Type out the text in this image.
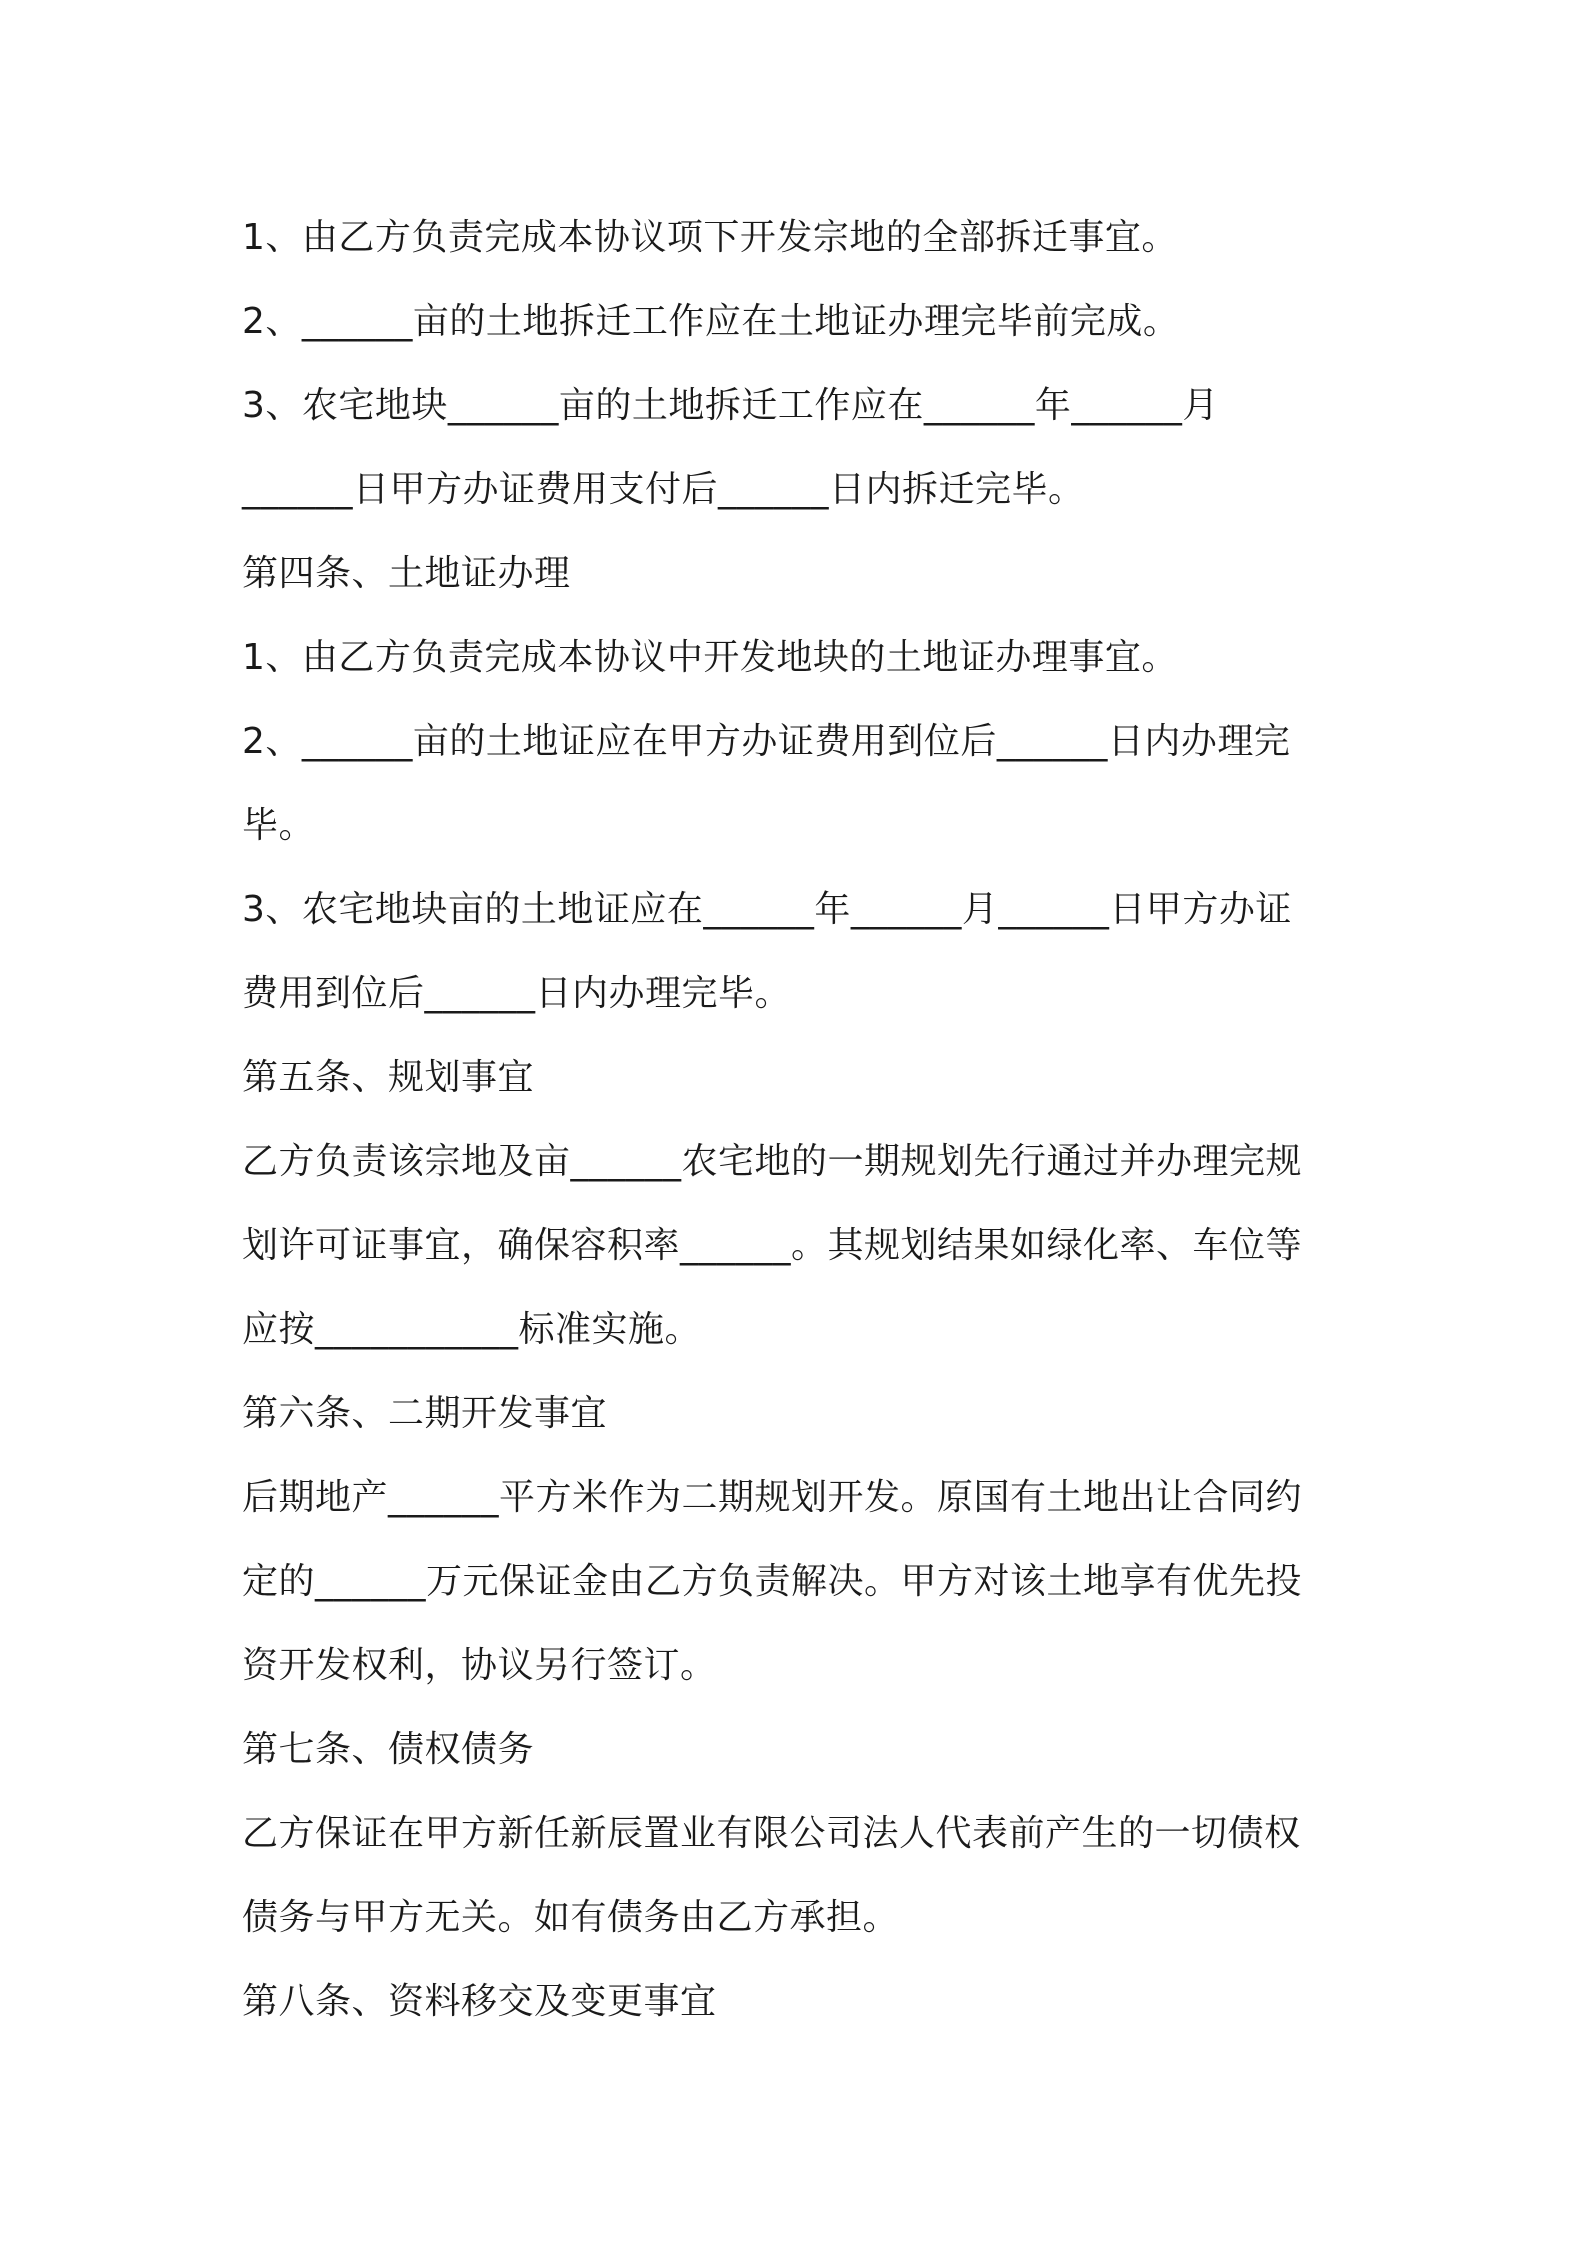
1、由乙方负责完成本协议项下开发宗地的全部拆迁事宜。
2、______亩的土地拆迁工作应在土地证办理完毕前完成。
3、农宅地块______亩的土地拆迁工作应在______年______月
______日甲方办证费用支付后______日内拆迁完毕。
第四条、土地证办理
1、由乙方负责完成本协议中开发地块的土地证办理事宜。
2、______亩的土地证应在甲方办证费用到位后______日内办理完
毕。
3、农宅地块亩的土地证应在______年______月______日甲方办证
费用到位后______日内办理完毕。
第五条、规划事宜
乙方负责该宗地及亩______农宅地的一期规划先行通过并办理完规
划许可证事宜，确保容积率______。其规划结果如绿化率、车位等
应按___________标准实施。
第六条、二期开发事宜
后期地产______平方米作为二期规划开发。原国有土地出让合同约
定的______万元保证金由乙方负责解决。甲方对该土地享有优先投
资开发权利，协议另行签订。
第七条、债权债务
乙方保证在甲方新任新辰置业有限公司法人代表前产生的一切债权
债务与甲方无关。如有债务由乙方承担。
第八条、资料移交及变更事宜
